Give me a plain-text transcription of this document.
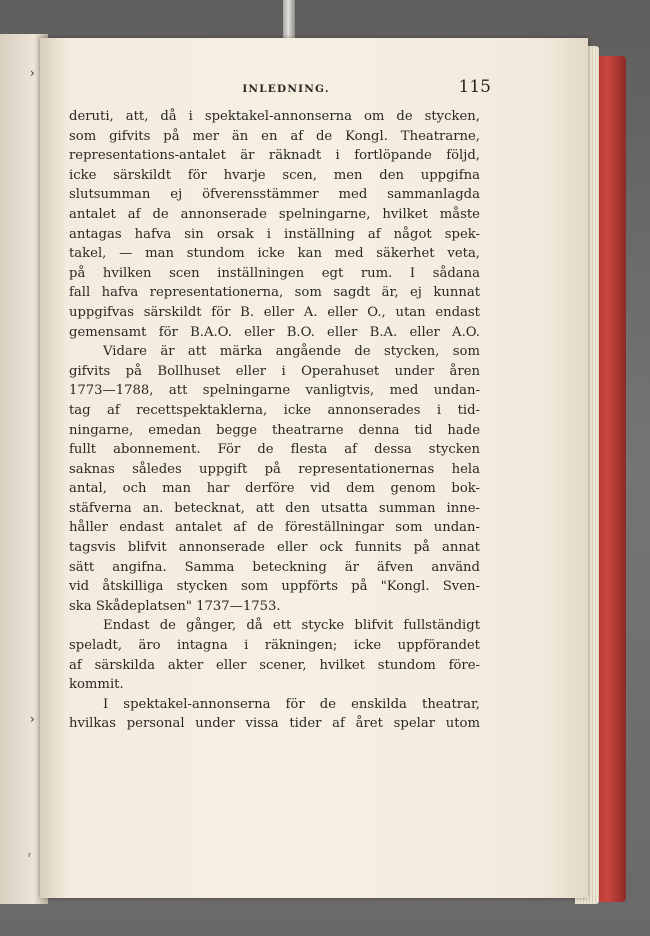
›
›
ʳ
INLEDNING.	115
deruti, att, då i spektakel-annonserna om de stycken,
som gifvits på mer än en af de Kongl. Theatrarne,
representations-antalet är räknadt i fortlöpande följd,
icke särskildt för hvarje scen, men den uppgifna
slutsumman ej öfverensstämmer med sammanlagda
antalet af de annonserade spelningarne, hvilket måste
antagas hafva sin orsak i inställning af något spek-
takel, — man stundom icke kan med säkerhet veta,
på hvilken scen inställningen egt rum. I sådana
fall hafva representationerna, som sagdt är, ej kunnat
uppgifvas särskildt för B. eller A. eller O., utan endast
gemensamt för B.A.O. eller B.O. eller B.A. eller A.O.
Vidare är att märka angående de stycken, som
gifvits på Bollhuset eller i Operahuset under åren
1773—1788, att spelningarne vanligtvis, med undan-
tag af recettspektaklerna, icke annonserades i tid-
ningarne, emedan begge theatrarne denna tid hade
fullt abonnement. För de flesta af dessa stycken
saknas således uppgift på representationernas hela
antal, och man har derföre vid dem genom bok-
stäfverna an. betecknat, att den utsatta summan inne-
håller endast antalet af de föreställningar som undan-
tagsvis blifvit annonserade eller ock funnits på annat
sätt angifna. Samma beteckning är äfven använd
vid åtskilliga stycken som uppförts på "Kongl. Sven-
ska Skådeplatsen" 1737—1753.
Endast de gånger, då ett stycke blifvit fullständigt
speladt, äro intagna i räkningen; icke uppförandet
af särskilda akter eller scener, hvilket stundom före-
kommit.
I spektakel-annonserna för de enskilda theatrar,
hvilkas personal under vissa tider af året spelar utom
